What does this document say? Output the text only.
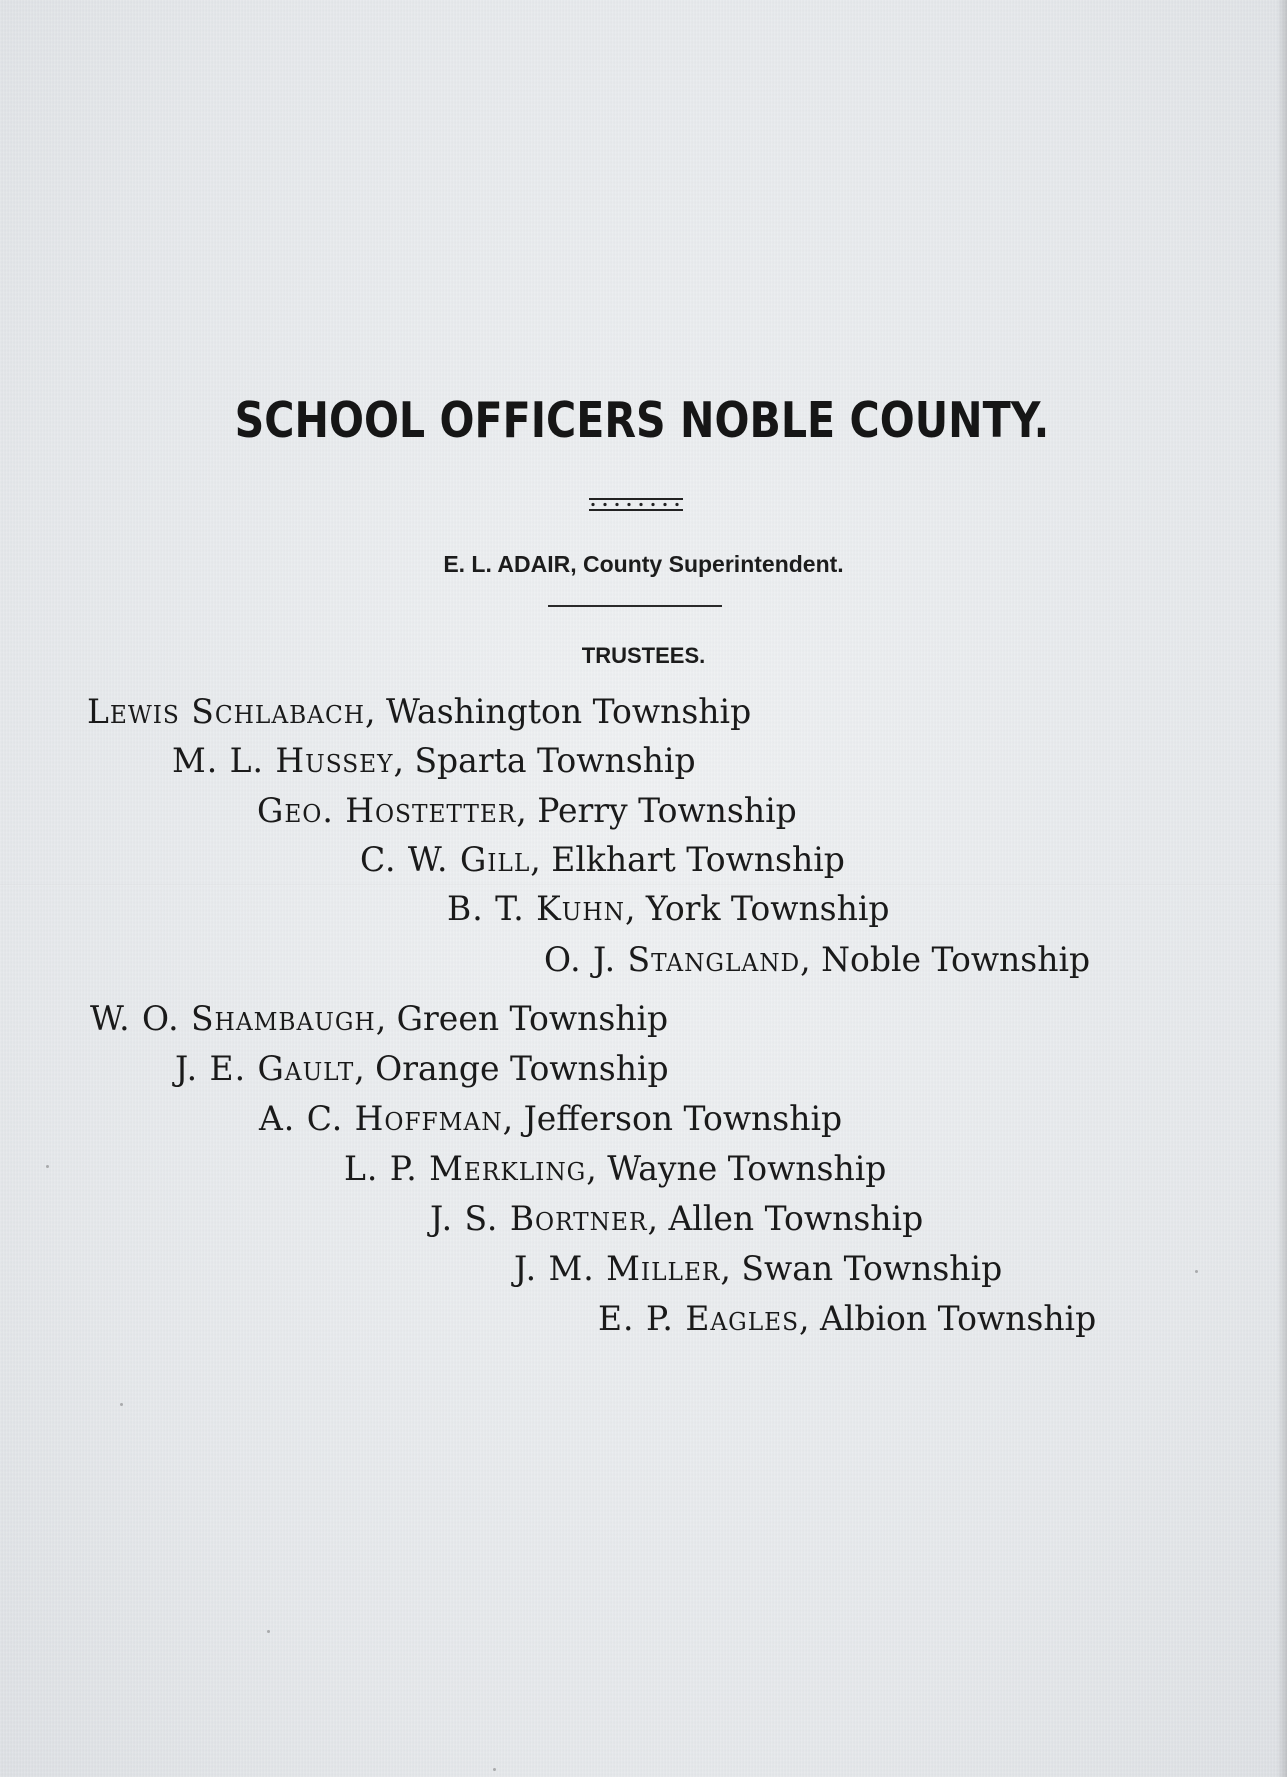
SCHOOL OFFICERS NOBLE COUNTY.
E. L. ADAIR, County Superintendent.
TRUSTEES.
Lewis Schlabach, Washington Township
M. L. Hussey, Sparta Township
Geo. Hostetter, Perry Township
C. W. Gill, Elkhart Township
B. T. Kuhn, York Township
O. J. Stangland, Noble Township
W. O. Shambaugh, Green Township
J. E. Gault, Orange Township
A. C. Hoffman, Jefferson Township
L. P. Merkling, Wayne Township
J. S. Bortner, Allen Township
J. M. Miller, Swan Township
E. P. Eagles, Albion Township
